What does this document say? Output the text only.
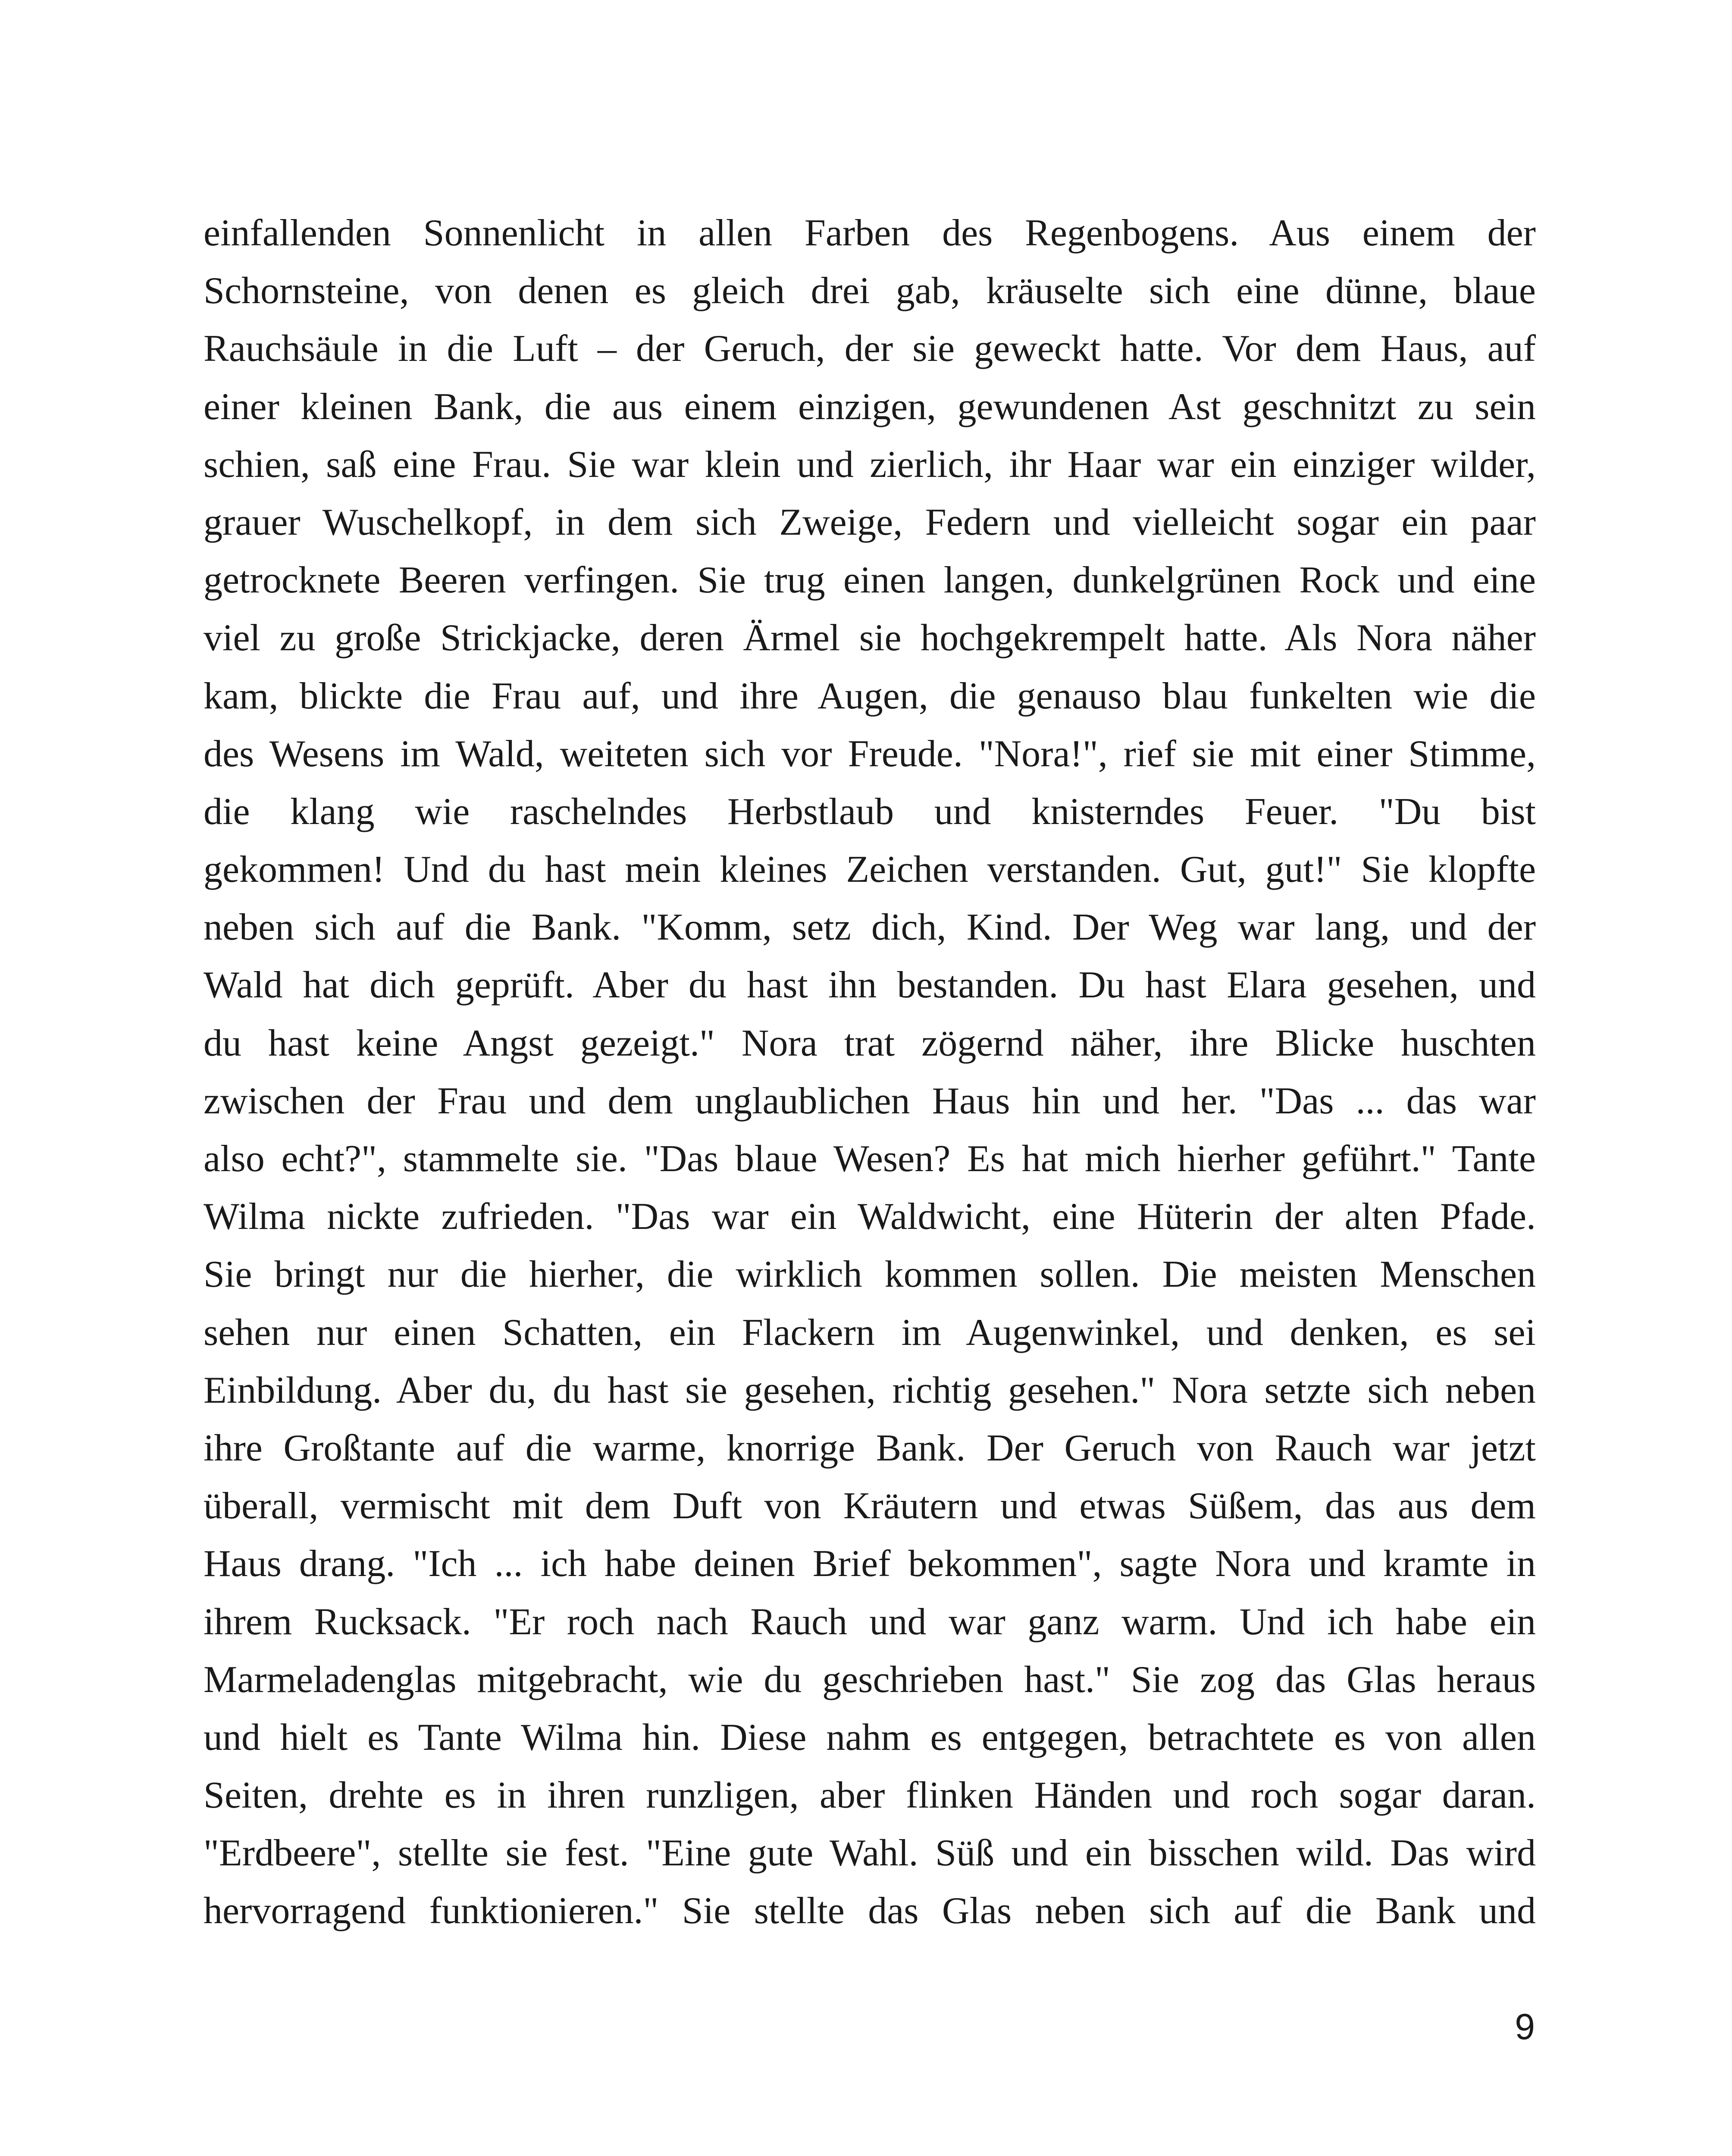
einfallenden Sonnenlicht in allen Farben des Regenbogens. Aus einem der
Schornsteine, von denen es gleich drei gab, kräuselte sich eine dünne, blaue
Rauchsäule in die Luft – der Geruch, der sie geweckt hatte. Vor dem Haus, auf
einer kleinen Bank, die aus einem einzigen, gewundenen Ast geschnitzt zu sein
schien, saß eine Frau. Sie war klein und zierlich, ihr Haar war ein einziger wilder,
grauer Wuschelkopf, in dem sich Zweige, Federn und vielleicht sogar ein paar
getrocknete Beeren verfingen. Sie trug einen langen, dunkelgrünen Rock und eine
viel zu große Strickjacke, deren Ärmel sie hochgekrempelt hatte. Als Nora näher
kam, blickte die Frau auf, und ihre Augen, die genauso blau funkelten wie die
des Wesens im Wald, weiteten sich vor Freude. "Nora!", rief sie mit einer Stimme,
die klang wie raschelndes Herbstlaub und knisterndes Feuer. "Du bist
gekommen! Und du hast mein kleines Zeichen verstanden. Gut, gut!" Sie klopfte
neben sich auf die Bank. "Komm, setz dich, Kind. Der Weg war lang, und der
Wald hat dich geprüft. Aber du hast ihn bestanden. Du hast Elara gesehen, und
du hast keine Angst gezeigt." Nora trat zögernd näher, ihre Blicke huschten
zwischen der Frau und dem unglaublichen Haus hin und her. "Das ... das war
also echt?", stammelte sie. "Das blaue Wesen? Es hat mich hierher geführt." Tante
Wilma nickte zufrieden. "Das war ein Waldwicht, eine Hüterin der alten Pfade.
Sie bringt nur die hierher, die wirklich kommen sollen. Die meisten Menschen
sehen nur einen Schatten, ein Flackern im Augenwinkel, und denken, es sei
Einbildung. Aber du, du hast sie gesehen, richtig gesehen." Nora setzte sich neben
ihre Großtante auf die warme, knorrige Bank. Der Geruch von Rauch war jetzt
überall, vermischt mit dem Duft von Kräutern und etwas Süßem, das aus dem
Haus drang. "Ich ... ich habe deinen Brief bekommen", sagte Nora und kramte in
ihrem Rucksack. "Er roch nach Rauch und war ganz warm. Und ich habe ein
Marmeladenglas mitgebracht, wie du geschrieben hast." Sie zog das Glas heraus
und hielt es Tante Wilma hin. Diese nahm es entgegen, betrachtete es von allen
Seiten, drehte es in ihren runzligen, aber flinken Händen und roch sogar daran.
"Erdbeere", stellte sie fest. "Eine gute Wahl. Süß und ein bisschen wild. Das wird
hervorragend funktionieren." Sie stellte das Glas neben sich auf die Bank und
9
